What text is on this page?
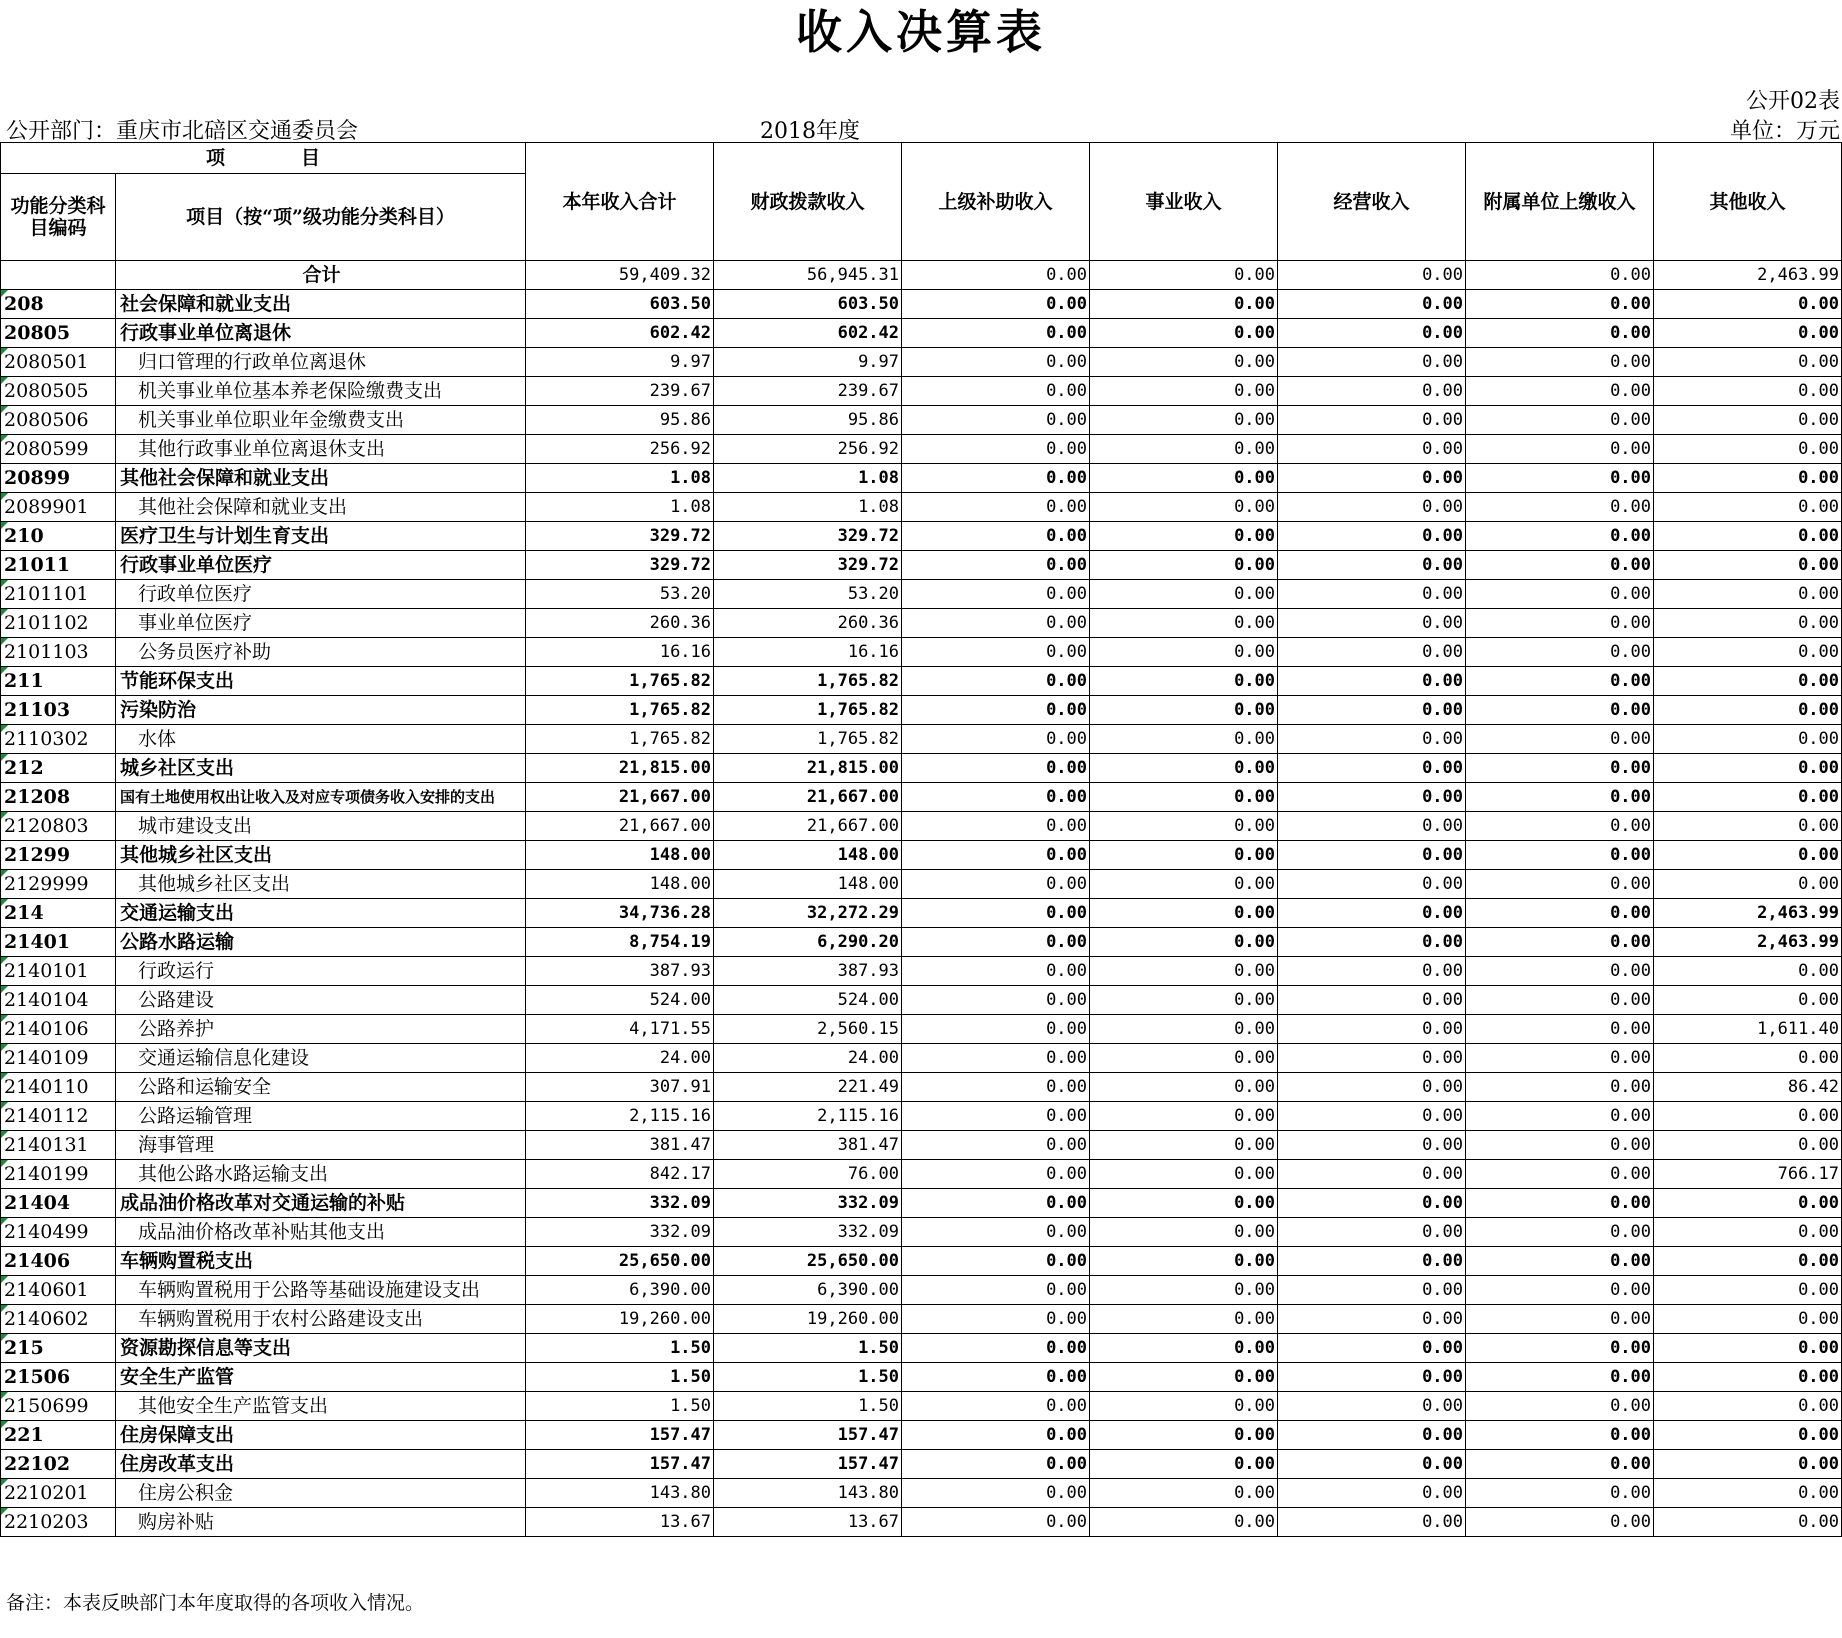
收入决算表
公开02表
公开部门：重庆市北碚区交通委员会	2018年度	单位：万元
项　　　　目		本年收入合计	财政拨款收入	上级补助收入	事业收入	经营收入	附属单位上缴收入	其他收入
功能分类科目编码	项目（按“项”级功能分类科目）							
	合计	59,409.32	56,945.31	0.00	0.00	0.00	0.00	2,463.99

208	社会保障和就业支出	603.50	603.50	0.00	0.00	0.00	0.00	0.00
20805	行政事业单位离退休	602.42	602.42	0.00	0.00	0.00	0.00	0.00

2080501	归口管理的行政单位离退休	9.97	9.97	0.00	0.00	0.00	0.00	0.00

2080505	机关事业单位基本养老保险缴费支出	239.67	239.67	0.00	0.00	0.00	0.00	0.00

2080506	机关事业单位职业年金缴费支出	95.86	95.86	0.00	0.00	0.00	0.00	0.00

2080599	其他行政事业单位离退休支出	256.92	256.92	0.00	0.00	0.00	0.00	0.00
20899	其他社会保障和就业支出	1.08	1.08	0.00	0.00	0.00	0.00	0.00

2089901	其他社会保障和就业支出	1.08	1.08	0.00	0.00	0.00	0.00	0.00

210	医疗卫生与计划生育支出	329.72	329.72	0.00	0.00	0.00	0.00	0.00
21011	行政事业单位医疗	329.72	329.72	0.00	0.00	0.00	0.00	0.00

2101101	行政单位医疗	53.20	53.20	0.00	0.00	0.00	0.00	0.00

2101102	事业单位医疗	260.36	260.36	0.00	0.00	0.00	0.00	0.00

2101103	公务员医疗补助	16.16	16.16	0.00	0.00	0.00	0.00	0.00

211	节能环保支出	1,765.82	1,765.82	0.00	0.00	0.00	0.00	0.00
21103	污染防治	1,765.82	1,765.82	0.00	0.00	0.00	0.00	0.00

2110302	水体	1,765.82	1,765.82	0.00	0.00	0.00	0.00	0.00

212	城乡社区支出	21,815.00	21,815.00	0.00	0.00	0.00	0.00	0.00
21208	国有土地使用权出让收入及对应专项债务收入安排的支出	21,667.00	21,667.00	0.00	0.00	0.00	0.00	0.00

2120803	城市建设支出	21,667.00	21,667.00	0.00	0.00	0.00	0.00	0.00
21299	其他城乡社区支出	148.00	148.00	0.00	0.00	0.00	0.00	0.00

2129999	其他城乡社区支出	148.00	148.00	0.00	0.00	0.00	0.00	0.00

214	交通运输支出	34,736.28	32,272.29	0.00	0.00	0.00	0.00	2,463.99
21401	公路水路运输	8,754.19	6,290.20	0.00	0.00	0.00	0.00	2,463.99

2140101	行政运行	387.93	387.93	0.00	0.00	0.00	0.00	0.00

2140104	公路建设	524.00	524.00	0.00	0.00	0.00	0.00	0.00

2140106	公路养护	4,171.55	2,560.15	0.00	0.00	0.00	0.00	1,611.40

2140109	交通运输信息化建设	24.00	24.00	0.00	0.00	0.00	0.00	0.00

2140110	公路和运输安全	307.91	221.49	0.00	0.00	0.00	0.00	86.42

2140112	公路运输管理	2,115.16	2,115.16	0.00	0.00	0.00	0.00	0.00

2140131	海事管理	381.47	381.47	0.00	0.00	0.00	0.00	0.00

2140199	其他公路水路运输支出	842.17	76.00	0.00	0.00	0.00	0.00	766.17
21404	成品油价格改革对交通运输的补贴	332.09	332.09	0.00	0.00	0.00	0.00	0.00

2140499	成品油价格改革补贴其他支出	332.09	332.09	0.00	0.00	0.00	0.00	0.00
21406	车辆购置税支出	25,650.00	25,650.00	0.00	0.00	0.00	0.00	0.00

2140601	车辆购置税用于公路等基础设施建设支出	6,390.00	6,390.00	0.00	0.00	0.00	0.00	0.00

2140602	车辆购置税用于农村公路建设支出	19,260.00	19,260.00	0.00	0.00	0.00	0.00	0.00

215	资源勘探信息等支出	1.50	1.50	0.00	0.00	0.00	0.00	0.00
21506	安全生产监管	1.50	1.50	0.00	0.00	0.00	0.00	0.00

2150699	其他安全生产监管支出	1.50	1.50	0.00	0.00	0.00	0.00	0.00

221	住房保障支出	157.47	157.47	0.00	0.00	0.00	0.00	0.00
22102	住房改革支出	157.47	157.47	0.00	0.00	0.00	0.00	0.00

2210201	住房公积金	143.80	143.80	0.00	0.00	0.00	0.00	0.00

2210203	购房补贴	13.67	13.67	0.00	0.00	0.00	0.00	0.00
备注：本表反映部门本年度取得的各项收入情况。
